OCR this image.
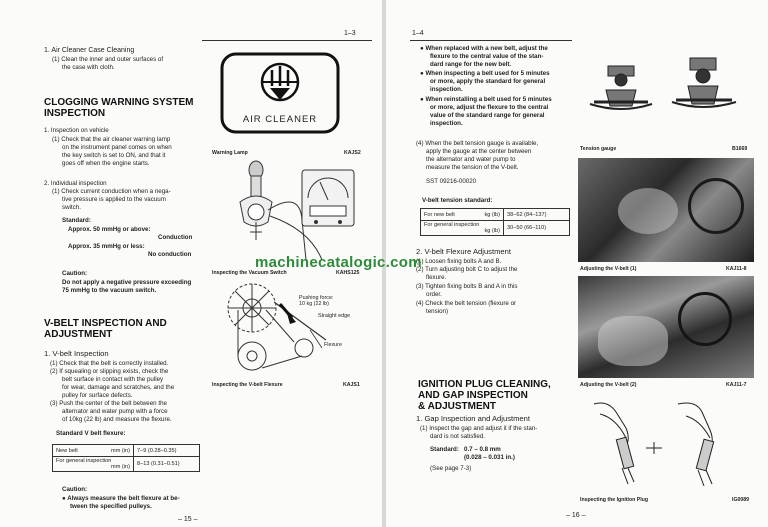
1–3
1. Air Cleaner Case Cleaning
(1) Clean the inner and outer surfaces of
the case with cloth.
CLOGGING WARNING SYSTEM
INSPECTION
1. Inspection on vehicle
(1) Check that the air cleaner warning lamp
on the instrument panel comes on when
the key switch is set to ON, and that it
goes off when the engine starts.
2. Individual inspection
(1) Check current conduction when a nega-
tive pressure is applied to the vacuum
switch.
Standard:
Approx. 50 mmHg or above:
Conduction
Approx. 35 mmHg or less:
No conduction
Caution:
Do not apply a negative pressure exceeding
75 mmHg to the vacuum switch.
V-BELT INSPECTION AND
ADJUSTMENT
1. V-belt Inspection
(1) Check that the belt is correctly installed.
(2) If squealing or slipping exists, check the
belt surface in contact with the pulley
for wear, damage and scratches, and the
pulley for surface defects.
(3) Push the center of the belt between the
alternator and water pump with a force
of 10kg (22 lb) and measure the flexure.
Standard V belt flexure:
New belt mm (in)	7–9 (0.28–0.35)
For general inspection

mm (in)	8–13 (0.31–0.51)
Caution:
● Always measure the belt flexure at be-
tween the specified pulleys.
AIR CLEANER
Warning Lamp	KAJS2
Inspecting the Vacuum Switch	KAHS125
Pushing force:
10 kg (22 lb)
Straight edge
Flexure
Inspecting the V-belt Flexure	KAJS1
– 15 –
1–4
● When replaced with a new belt, adjust the
flexure to the central value of the stan-
dard range for the new belt.
● When inspecting a belt used for 5 minutes
or more, apply the standard for general
inspection.
● When reinstalling a belt used for 5 minutes
or more, adjust the flexure to the central
value of the standard range for general
inspection.
(4) When the belt tension gauge is available,
apply the gauge at the center between
the alternator and water pump to
measure the tension of the V-belt.
SST 09216-00020
V-belt tension standard:
For new belt kg (lb)	38–62 (84–137)
For general inspection

kg (lb)	30–50 (66–110)
2. V-belt Flexure Adjustment
(1) Loosen fixing bolts A and B.
(2) Turn adjusting bolt C to adjust the
flexure.
(3) Tighten fixing bolts B and A in this
order.
(4) Check the belt tension (flexure or
tension)
IGNITION PLUG CLEANING,
AND GAP INSPECTION
& ADJUSTMENT
1. Gap Inspection and Adjustment
(1) Inspect the gap and adjust it if the stan-
dard is not satisfied.
Standard: 0.7 – 0.8 mm
(0.028 – 0.031 in.)
(See page 7-3)
Tension gauge	B1669
Adjusting the V-belt (1)	KAJ11-8
Adjusting the V-belt (2)	KAJ11-7
Inspecting the Ignition Plug	IG0089
– 16 –
machinecatalogic.com
